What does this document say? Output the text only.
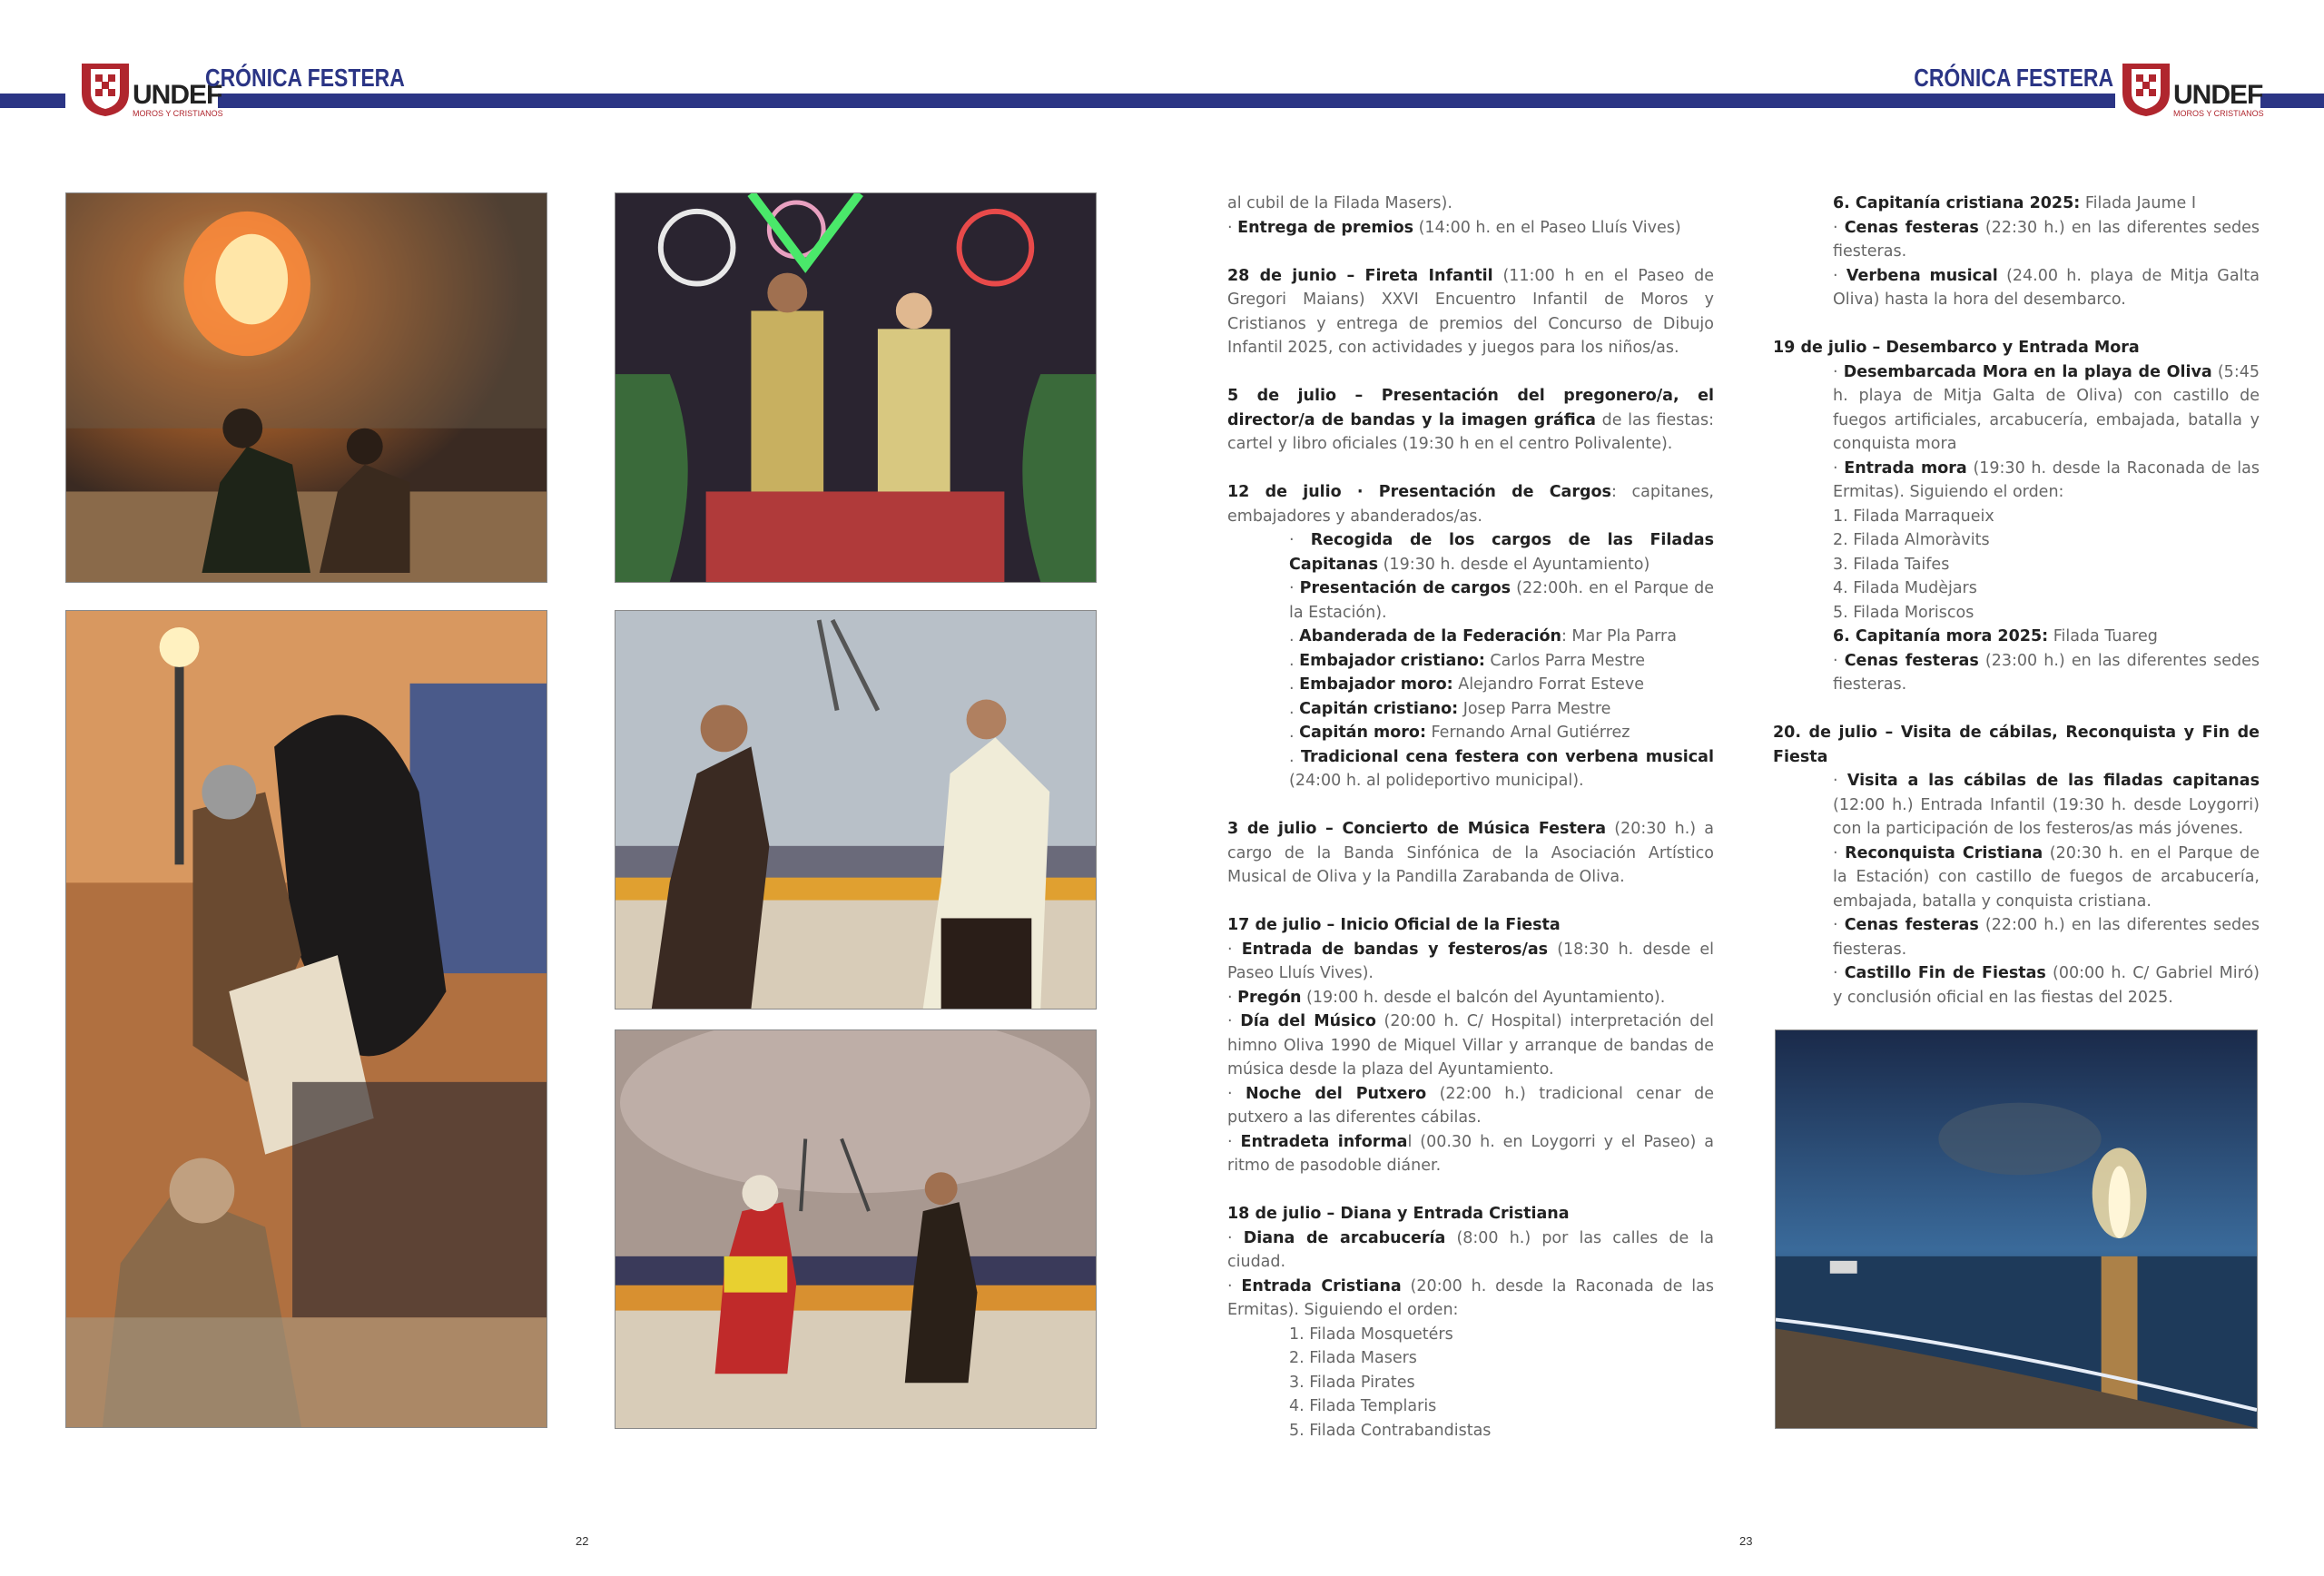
UNDEF
MOROS Y CRISTIANOS
CRÓNICA FESTERA	CRÓNICA FESTERA
UNDEF
MOROS Y CRISTIANOS

al cubil de la Filada Masers).

· Entrega de premios (14:00 h. en el Paseo Lluís Vives)

28 de junio – Fireta Infantil (11:00 h en el Paseo de Gregori Maians) XXVI Encuentro Infantil de Moros y Cristianos y entrega de premios del Concurso de Dibujo Infantil 2025, con actividades y juegos para los niños/as.

5 de julio – Presentación del pregonero/a, el director/a de bandas y la imagen gráfica de las fiestas: cartel y libro oficiales (19:30 h en el centro Polivalente).

12 de julio · Presentación de Cargos: capitanes, embajadores y abanderados/as.

· Recogida de los cargos de las Filadas Capitanas (19:30 h. desde el Ayuntamiento)

· Presentación de cargos (22:00h. en el Parque de la Estación).

. Abanderada de la Federación: Mar Pla Parra

. Embajador cristiano: Carlos Parra Mestre

. Embajador moro: Alejandro Forrat Esteve

. Capitán cristiano: Josep Parra Mestre

. Capitán moro: Fernando Arnal Gutiérrez

. Tradicional cena festera con verbena musical (24:00 h. al polideportivo municipal).

3 de julio – Concierto de Música Festera (20:30 h.) a cargo de la Banda Sinfónica de la Asociación Artístico Musical de Oliva y la Pandilla Zarabanda de Oliva.

17 de julio – Inicio Oficial de la Fiesta

· Entrada de bandas y festeros/as (18:30 h. desde el Paseo Lluís Vives).

· Pregón (19:00 h. desde el balcón del Ayuntamiento).

· Día del Músico (20:00 h. C/ Hospital) interpretación del himno Oliva 1990 de Miquel Villar y arranque de bandas de música desde la plaza del Ayuntamiento.

· Noche del Putxero (22:00 h.) tradicional cenar de putxero a las diferentes cábilas.

· Entradeta informal (00.30 h. en Loygorri y el Paseo) a ritmo de pasodoble diáner.

18 de julio – Diana y Entrada Cristiana

· Diana de arcabucería (8:00 h.) por las calles de la ciudad.

· Entrada Cristiana (20:00 h. desde la Raconada de las Ermitas). Siguiendo el orden:

1. Filada Mosquetérs

2. Filada Masers

3. Filada Pirates

4. Filada Templaris

5. Filada Contrabandistas

6. Capitanía cristiana 2025: Filada Jaume I

· Cenas festeras (22:30 h.) en las diferentes sedes fiesteras.

· Verbena musical (24.00 h. playa de Mitja Galta Oliva) hasta la hora del desembarco.

19 de julio – Desembarco y Entrada Mora

· Desembarcada Mora en la playa de Oliva (5:45 h. playa de Mitja Galta de Oliva) con castillo de fuegos artificiales, arcabucería, embajada, batalla y conquista mora

· Entrada mora (19:30 h. desde la Raconada de las Ermitas). Siguiendo el orden:

1. Filada Marraqueix

2. Filada Almoràvits

3. Filada Taifes

4. Filada Mudèjars

5. Filada Moriscos

6. Capitanía mora 2025: Filada Tuareg

· Cenas festeras (23:00 h.) en las diferentes sedes fiesteras.

20. de julio – Visita de cábilas, Reconquista y Fin de Fiesta

· Visita a las cábilas de las filadas capitanas (12:00 h.) Entrada Infantil (19:30 h. desde Loygorri) con la participación de los festeros/as más jóvenes.

· Reconquista Cristiana (20:30 h. en el Parque de la Estación) con castillo de fuegos de arcabucería, embajada, batalla y conquista cristiana.

· Cenas festeras (22:00 h.) en las diferentes sedes fiesteras.

· Castillo Fin de Fiestas (00:00 h. C/ Gabriel Miró) y conclusión oficial en las fiestas del 2025.

22	23
